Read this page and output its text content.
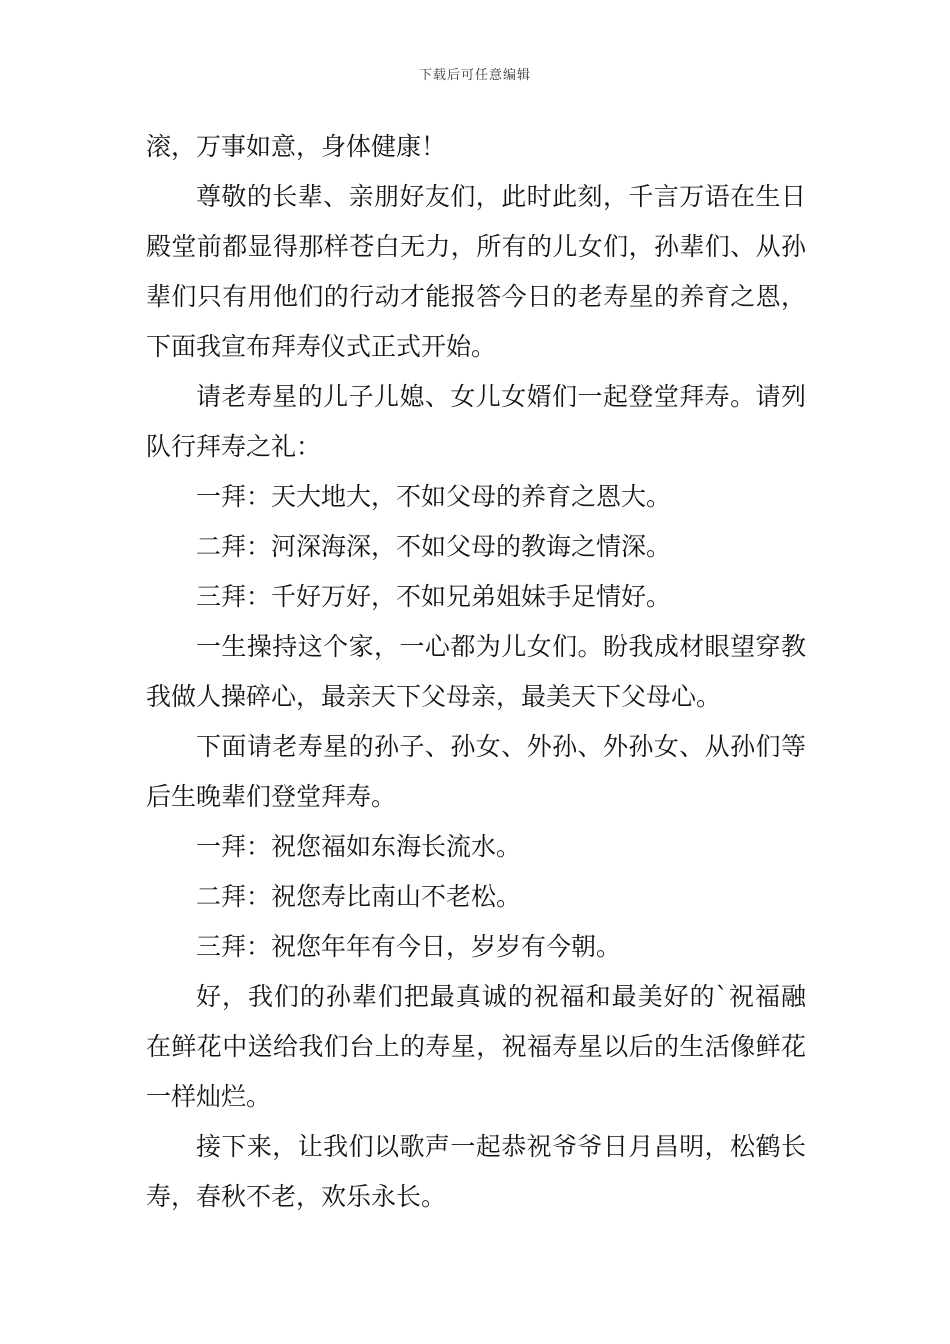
下载后可任意编辑

滚，万事如意，身体健康！

尊敬的长辈、亲朋好友们，此时此刻，千言万语在生日殿堂前都显得那样苍白无力，所有的儿女们，孙辈们、从孙辈们只有用他们的行动才能报答今日的老寿星的养育之恩，下面我宣布拜寿仪式正式开始。

请老寿星的儿子儿媳、女儿女婿们一起登堂拜寿。请列队行拜寿之礼：

一拜：天大地大，不如父母的养育之恩大。

二拜：河深海深，不如父母的教诲之情深。

三拜：千好万好，不如兄弟姐妹手足情好。

一生操持这个家，一心都为儿女们。盼我成材眼望穿教我做人操碎心，最亲天下父母亲，最美天下父母心。

下面请老寿星的孙子、孙女、外孙、外孙女、从孙们等后生晚辈们登堂拜寿。

一拜：祝您福如东海长流水。

二拜：祝您寿比南山不老松。

三拜：祝您年年有今日，岁岁有今朝。

好，我们的孙辈们把最真诚的祝福和最美好的`祝福融在鲜花中送给我们台上的寿星，祝福寿星以后的生活像鲜花一样灿烂。

接下来，让我们以歌声一起恭祝爷爷日月昌明，松鹤长寿，春秋不老，欢乐永长。
